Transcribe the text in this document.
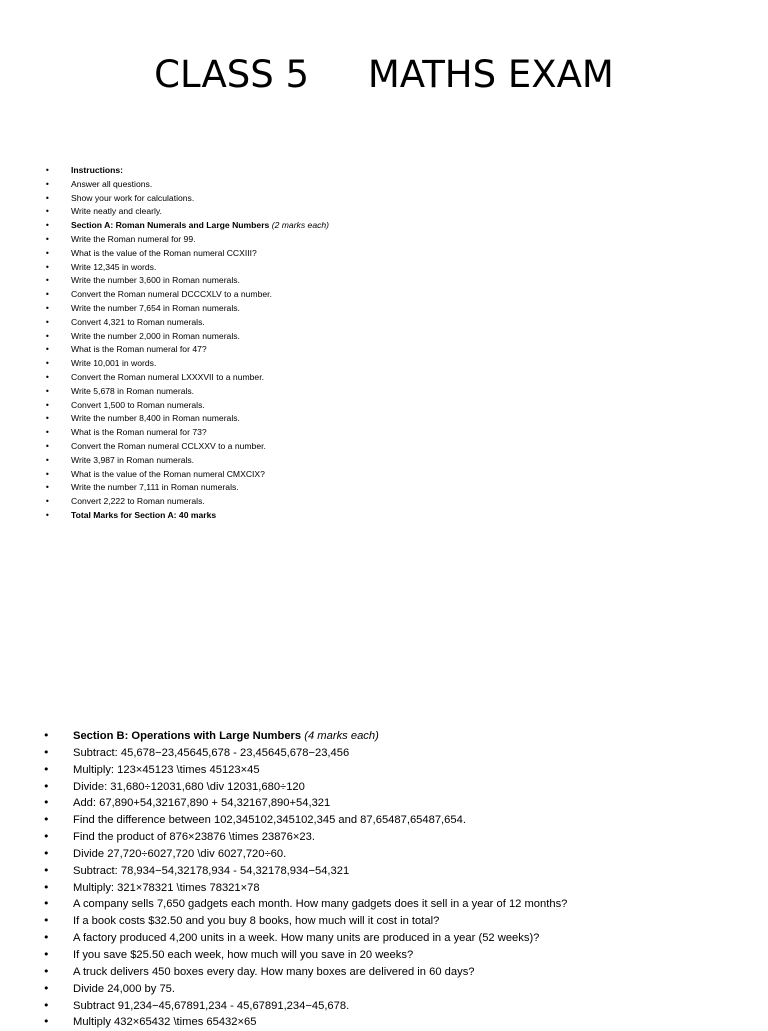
CLASS 5     MATHS EXAM
• Instructions:
• Answer all questions.
• Show your work for calculations.
• Write neatly and clearly.
• Section A: Roman Numerals and Large Numbers (2 marks each)
• Write the Roman numeral for 99.
• What is the value of the Roman numeral CCXIII?
• Write 12,345 in words.
• Write the number 3,600 in Roman numerals.
• Convert the Roman numeral DCCCXLV to a number.
• Write the number 7,654 in Roman numerals.
• Convert 4,321 to Roman numerals.
• Write the number 2,000 in Roman numerals.
• What is the Roman numeral for 47?
• Write 10,001 in words.
• Convert the Roman numeral LXXXVII to a number.
• Write 5,678 in Roman numerals.
• Convert 1,500 to Roman numerals.
• Write the number 8,400 in Roman numerals.
• What is the Roman numeral for 73?
• Convert the Roman numeral CCLXXV to a number.
• Write 3,987 in Roman numerals.
• What is the value of the Roman numeral CMXCIX?
• Write the number 7,111 in Roman numerals.
• Convert 2,222 to Roman numerals.
• Total Marks for Section A: 40 marks
• Section B: Operations with Large Numbers (4 marks each)
• Subtract: 45,678−23,45645,678 - 23,45645,678−23,456
• Multiply: 123×45123 \times 45123×45
• Divide: 31,680÷12031,680 \div 12031,680÷120
• Add: 67,890+54,32167,890 + 54,32167,890+54,321
• Find the difference between 102,345102,345102,345 and 87,65487,65487,654.
• Find the product of 876×23876 \times 23876×23.
• Divide 27,720÷6027,720 \div 6027,720÷60.
• Subtract: 78,934−54,32178,934 - 54,32178,934−54,321
• Multiply: 321×78321 \times 78321×78
• A company sells 7,650 gadgets each month. How many gadgets does it sell in a year of 12 months?
• If a book costs $32.50 and you buy 8 books, how much will it cost in total?
• A factory produced 4,200 units in a week. How many units are produced in a year (52 weeks)?
• If you save $25.50 each week, how much will you save in 20 weeks?
• A truck delivers 450 boxes every day. How many boxes are delivered in 60 days?
• Divide 24,000 by 75.
• Subtract 91,234−45,67891,234 - 45,67891,234−45,678.
• Multiply 432×65432 \times 65432×65
